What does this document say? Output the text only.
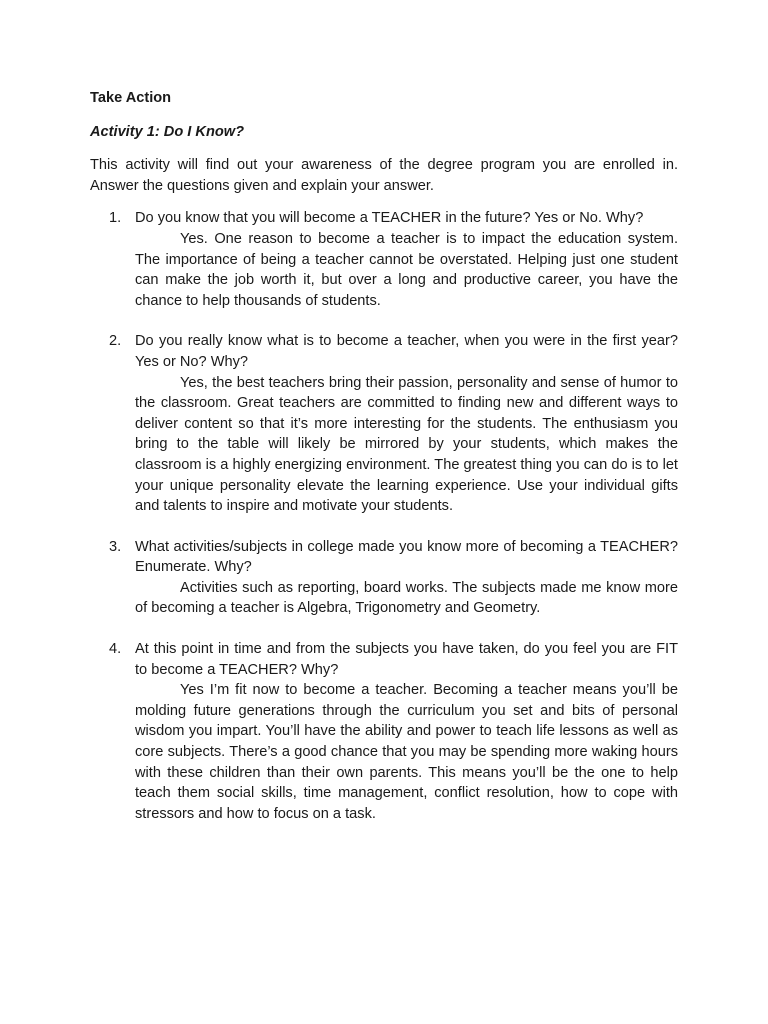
Take Action

Activity 1: Do I Know?

This activity will find out your awareness of the degree program you are enrolled in. Answer the questions given and explain your answer.

1. Do you know that you will become a TEACHER in the future? Yes or No. Why?

Yes. One reason to become a teacher is to impact the education system. The importance of being a teacher cannot be overstated. Helping just one student can make the job worth it, but over a long and productive career, you have the chance to help thousands of students.

2. Do you really know what is to become a teacher, when you were in the first year? Yes or No? Why?

Yes, the best teachers bring their passion, personality and sense of humor to the classroom. Great teachers are committed to finding new and different ways to deliver content so that it’s more interesting for the students. The enthusiasm you bring to the table will likely be mirrored by your students, which makes the classroom is a highly energizing environment. The greatest thing you can do is to let your unique personality elevate the learning experience. Use your individual gifts and talents to inspire and motivate your students.

3. What activities/subjects in college made you know more of becoming a TEACHER? Enumerate. Why?

Activities such as reporting, board works. The subjects made me know more of becoming a teacher is Algebra, Trigonometry and Geometry.

4. At this point in time and from the subjects you have taken, do you feel you are FIT to become a TEACHER? Why?

Yes I’m fit now to become a teacher. Becoming a teacher means you’ll be molding future generations through the curriculum you set and bits of personal wisdom you impart. You’ll have the ability and power to teach life lessons as well as core subjects. There’s a good chance that you may be spending more waking hours with these children than their own parents. This means you’ll be the one to help teach them social skills, time management, conflict resolution, how to cope with stressors and how to focus on a task.
